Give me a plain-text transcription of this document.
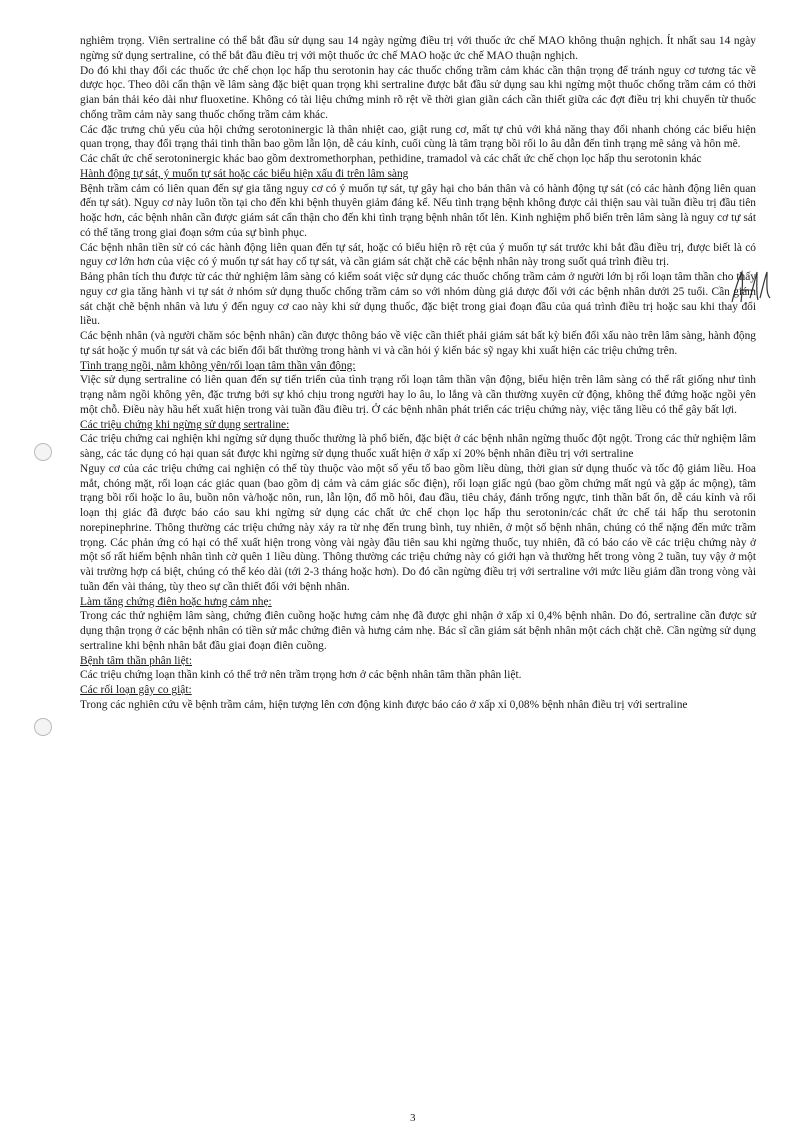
nghiêm trọng. Viên sertraline có thể bắt đầu sử dụng sau 14 ngày ngừng điều trị với thuốc ức chế MAO không thuận nghịch. Ít nhất sau 14 ngày ngừng sử dụng sertraline, có thể bắt đầu điều trị với một thuốc ức chế MAO hoặc ức chế MAO thuận nghịch.

Do đó khi thay đổi các thuốc ức chế chọn lọc hấp thu serotonin hay các thuốc chống trầm cảm khác cần thận trọng để tránh nguy cơ tương tác về dược học. Theo dõi cẩn thận về lâm sàng đặc biệt quan trọng khi sertraline được bắt đầu sử dụng sau khi ngừng một thuốc chống trầm cảm có thời gian bán thải kéo dài như fluoxetine. Không có tài liệu chứng minh rõ rệt về thời gian giãn cách cần thiết giữa các đợt điều trị khi chuyển từ thuốc chống trầm cảm này sang thuốc chống trầm cảm khác.

Các đặc trưng chủ yếu của hội chứng serotoninergic là thân nhiệt cao, giật rung cơ, mất tự chủ với khả năng thay đổi nhanh chóng các biểu hiện quan trọng, thay đổi trạng thái tinh thần bao gồm lẫn lộn, dễ cáu kỉnh, cuối cùng là tâm trạng bồi rối lo âu dẫn đến tình trạng mê sảng và hôn mê.

Các chất ức chế serotoninergic khác bao gồm dextromethorphan, pethidine, tramadol và các chất ức chế chọn lọc hấp thu serotonin khác

Hành động tự sát, ý muốn tự sát hoặc các biểu hiện xấu đi trên lâm sàng

Bệnh trầm cảm có liên quan đến sự gia tăng nguy cơ có ý muốn tự sát, tự gây hại cho bản thân và có hành động tự sát (có các hành động liên quan đến tự sát). Nguy cơ này luôn tồn tại cho đến khi bệnh thuyên giảm đáng kể. Nếu tình trạng bệnh không được cải thiện sau vài tuần điều trị đầu tiên hoặc hơn, các bệnh nhân cần được giám sát cẩn thận cho đến khi tình trạng bệnh nhân tốt lên. Kinh nghiệm phổ biến trên lâm sàng là nguy cơ tự sát có thể tăng trong giai đoạn sớm của sự bình phục.

Các bệnh nhân tiền sử có các hành động liên quan đến tự sát, hoặc có biểu hiện rõ rệt của ý muốn tự sát trước khi bắt đầu điều trị, được biết là có nguy cơ lớn hơn của việc có ý muốn tự sát hay cố tự sát, và cần giám sát chặt chẽ các bệnh nhân này trong suốt quá trình điều trị.

Bảng phân tích thu được từ các thử nghiệm lâm sàng có kiểm soát việc sử dụng các thuốc chống trầm cảm ở người lớn bị rối loạn tâm thần cho thấy nguy cơ gia tăng hành vi tự sát ở nhóm sử dụng thuốc chống trầm cảm so với nhóm dùng giả dược đối với các bệnh nhân dưới 25 tuổi. Cần giám sát chặt chẽ bệnh nhân và lưu ý đến nguy cơ cao này khi sử dụng thuốc, đặc biệt trong giai đoạn đầu của quá trình điều trị hoặc sau khi thay đổi liều.

Các bệnh nhân (và người chăm sóc bệnh nhân) cần được thông báo về việc cần thiết phải giám sát bất kỳ biến đổi xấu nào trên lâm sàng, hành động tự sát hoặc ý muốn tự sát và các biến đổi bất thường trong hành vi và cần hỏi ý kiến bác sỹ ngay khi xuất hiện các triệu chứng trên.

Tình trạng ngồi, nằm không yên/rối loạn tâm thần vận động:

Việc sử dụng sertraline có liên quan đến sự tiến triển của tình trạng rối loạn tâm thần vận động, biểu hiện trên lâm sàng có thể rất giống như tình trạng nằm ngồi không yên, đặc trưng bởi sự khó chịu trong người hay lo âu, lo lắng và cần thường xuyên cử động, không thể đứng hoặc ngồi yên một chỗ. Điều này hầu hết xuất hiện trong vài tuần đầu điều trị. Ở các bệnh nhân phát triển các triệu chứng này, việc tăng liều có thể gây bất lợi.

Các triệu chứng khi ngừng sử dụng sertraline:

Các triệu chứng cai nghiện khi ngừng sử dụng thuốc thường là phổ biến, đặc biệt ở các bệnh nhân ngừng thuốc đột ngột. Trong các thử nghiệm lâm sàng, các tác dụng có hại quan sát được khi ngừng sử dụng thuốc xuất hiện ở xấp xỉ 20% bệnh nhân điều trị với sertraline

Nguy cơ của các triệu chứng cai nghiện có thể tùy thuộc vào một số yếu tố bao gồm liều dùng, thời gian sử dụng thuốc và tốc độ giảm liều. Hoa mắt, chóng mặt, rối loạn các giác quan (bao gồm dị cảm và cảm giác sốc điện), rối loạn giấc ngủ (bao gồm chứng mất ngủ và gặp ác mộng), tâm trạng bồi rối hoặc lo âu, buồn nôn và/hoặc nôn, run, lẫn lộn, đổ mồ hôi, đau đầu, tiêu chảy, đánh trống ngực, tinh thần bất ổn, dễ cáu kỉnh và rối loạn thị giác đã được báo cáo sau khi ngừng sử dụng các chất ức chế chọn lọc hấp thu serotonin/các chất ức chế tái hấp thu serotonin norepinephrine. Thông thường các triệu chứng này xảy ra từ nhẹ đến trung bình, tuy nhiên, ở một số bệnh nhân, chúng có thể nặng đến mức trầm trọng. Các phản ứng có hại có thể xuất hiện trong vòng vài ngày đầu tiên sau khi ngừng thuốc, tuy nhiên, đã có báo cáo về các triệu chứng này ở một số rất hiếm bệnh nhân tình cờ quên 1 liều dùng. Thông thường các triệu chứng này có giới hạn và thường hết trong vòng 2 tuần, tuy vậy ở một vài trường hợp cá biệt, chúng có thể kéo dài (tới 2-3 tháng hoặc hơn). Do đó cần ngừng điều trị với sertraline với mức liều giảm dần trong vòng vài tuần đến vài tháng, tùy theo sự cần thiết đối với bệnh nhân.

Làm tăng chứng điên hoặc hưng cảm nhẹ:

Trong các thử nghiệm lâm sàng, chứng điên cuồng hoặc hưng cảm nhẹ đã được ghi nhận ở xấp xỉ 0,4% bệnh nhân. Do đó, sertraline cần được sử dụng thận trọng ở các bệnh nhân có tiền sử mắc chứng điên và hưng cảm nhẹ. Bác sĩ cần giám sát bệnh nhân một cách chặt chẽ. Cần ngừng sử dụng sertraline khi bệnh nhân bắt đầu giai đoạn điên cuồng.

Bệnh tâm thần phân liệt:

Các triệu chứng loạn thần kinh có thể trở nên trầm trọng hơn ở các bệnh nhân tâm thần phân liệt.

Các rối loạn gây co giật:

Trong các nghiên cứu về bệnh trầm cảm, hiện tượng lên cơn động kinh được báo cáo ở xấp xỉ 0,08% bệnh nhân điều trị với sertraline

3
